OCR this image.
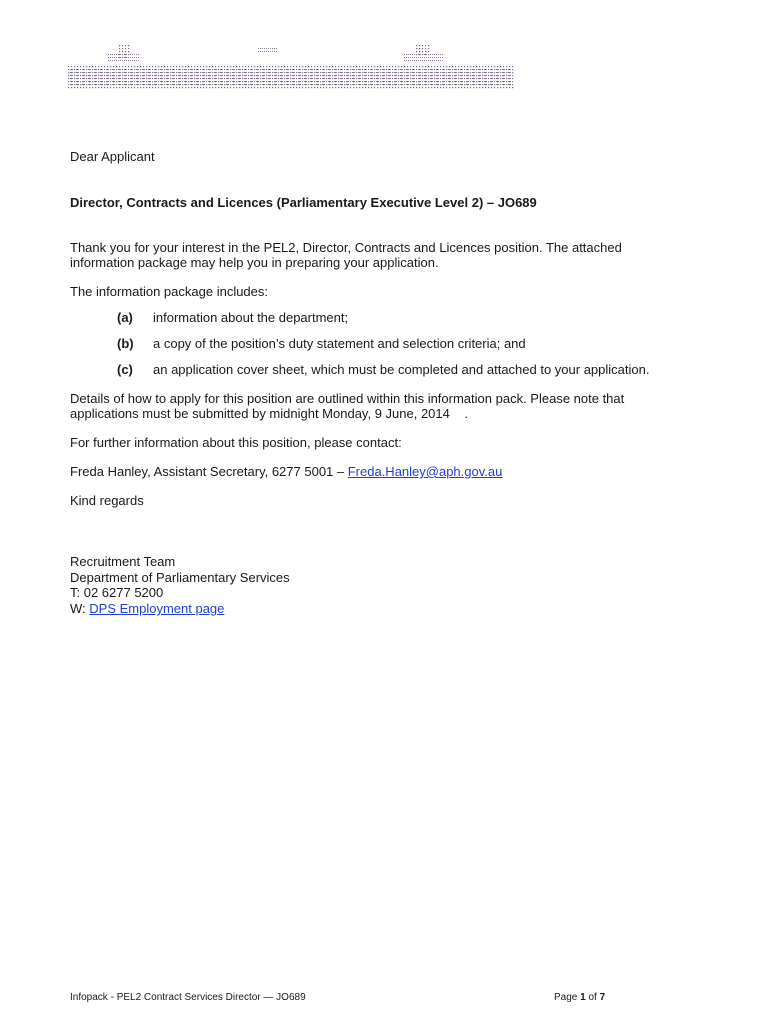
Dear Applicant

Director, Contracts and Licences (Parliamentary Executive Level 2) – JO689

Thank you for your interest in the PEL2, Director, Contracts and Licences position. The attached

information package may help you in preparing your application.

The information package includes:

(a) information about the department;
(b) a copy of the position’s duty statement and selection criteria; and
(c) an application cover sheet, which must be completed and attached to your application.

Details of how to apply for this position are outlined within this information pack. Please note that

applications must be submitted by midnight Monday, 9 June, 2014    .

For further information about this position, please contact:

Freda Hanley, Assistant Secretary, 6277 5001 – Freda.Hanley@aph.gov.au

Kind regards

Recruitment Team

Department of Parliamentary Services

T: 02 6277 5200

W: DPS Employment page

Infopack - PEL2 Contract Services Director — JO689	Page 1 of 7
